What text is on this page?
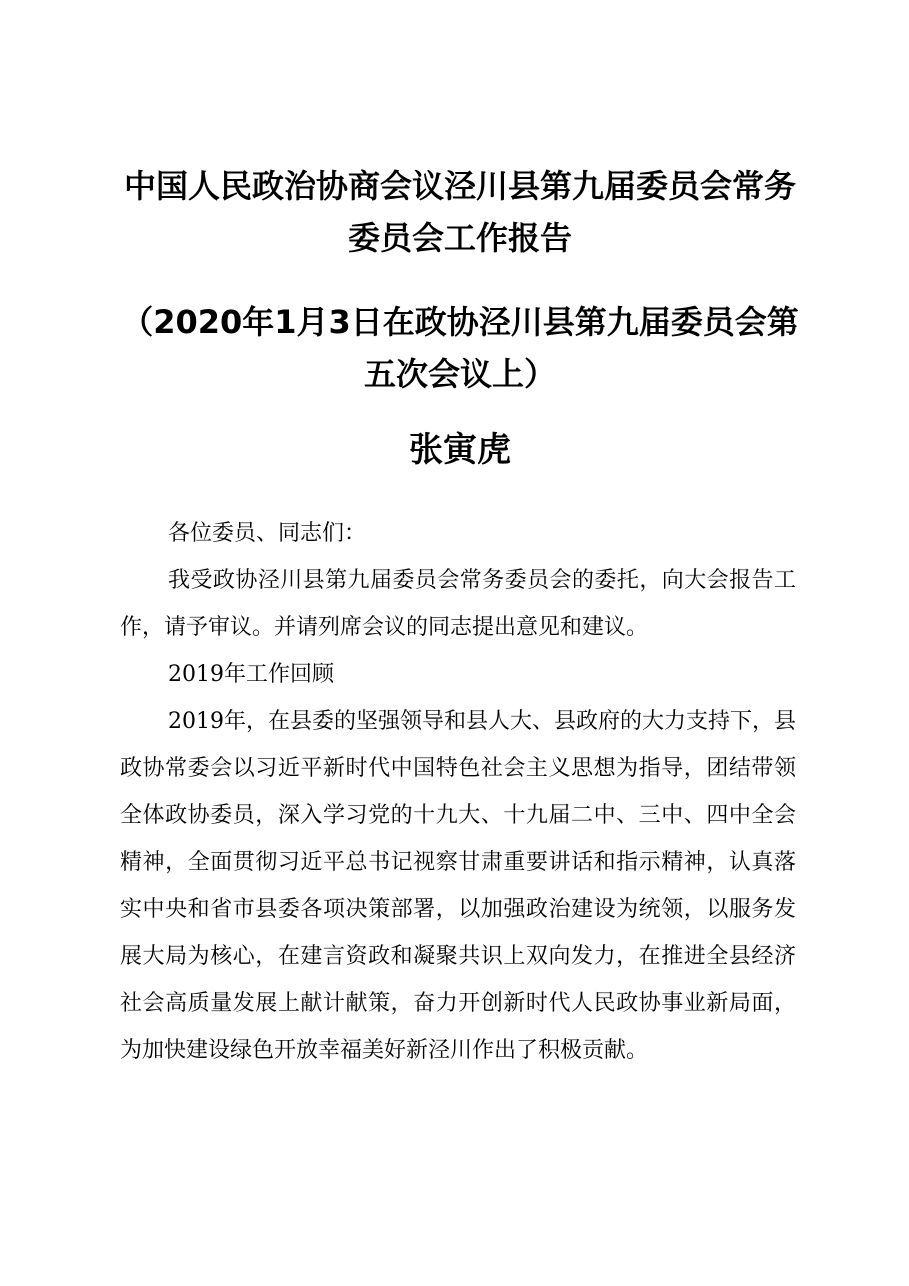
中国人民政治协商会议泾川县第九届委员会常务委员会工作报告
（2020年1月3日在政协泾川县第九届委员会第五次会议上）
张寅虎

各位委员、同志们：

我受政协泾川县第九届委员会常务委员会的委托，向大会报告工作，请予审议。并请列席会议的同志提出意见和建议。

2019年工作回顾

2019年，在县委的坚强领导和县人大、县政府的大力支持下，县政协常委会以习近平新时代中国特色社会主义思想为指导，团结带领全体政协委员，深入学习党的十九大、十九届二中、三中、四中全会精神，全面贯彻习近平总书记视察甘肃重要讲话和指示精神，认真落实中央和省市县委各项决策部署，以加强政治建设为统领，以服务发展大局为核心，在建言资政和凝聚共识上双向发力，在推进全县经济社会高质量发展上献计献策，奋力开创新时代人民政协事业新局面，为加快建设绿色开放幸福美好新泾川作出了积极贡献。
